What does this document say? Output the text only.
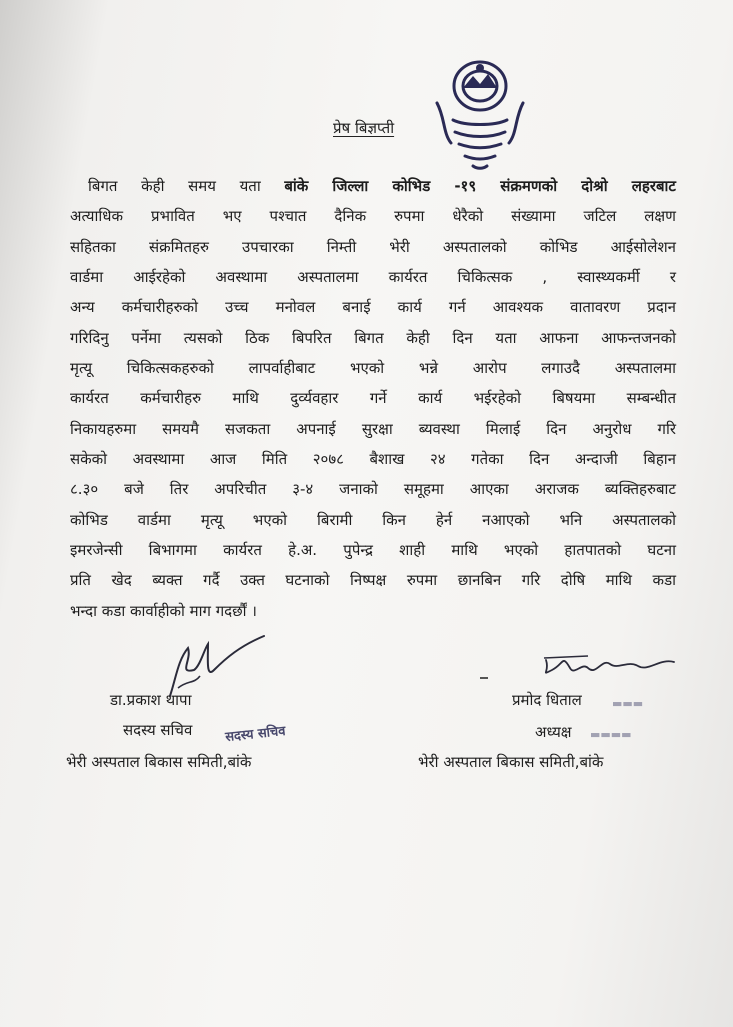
प्रेष बिज्ञप्ती
बिगत केही समय यता बांके जिल्ला कोभिड -१९ संक्रमणको दोश्रो लहरबाट
अत्याधिक प्रभावित भए पश्चात दैनिक रुपमा धेरैको संख्यामा जटिल लक्षण
सहितका संक्रमितहरु उपचारका निम्ती भेरी अस्पतालको कोभिड आईसोलेशन
वार्डमा आईरहेको अवस्थामा अस्पतालमा कार्यरत चिकित्सक , स्वास्थ्यकर्मी र
अन्य कर्मचारीहरुको उच्च मनोवल बनाई कार्य गर्न आवश्यक वातावरण प्रदान
गरिदिनु पर्नेमा त्यसको ठिक बिपरित बिगत केही दिन यता आफना आफन्तजनको
मृत्यू चिकित्सकहरुको लापर्वाहीबाट भएको भन्ने आरोप लगाउदै अस्पतालमा
कार्यरत कर्मचारीहरु माथि दुर्व्यवहार गर्ने कार्य भईरहेको बिषयमा सम्बन्धीत
निकायहरुमा समयमै सजकता अपनाई सुरक्षा ब्यवस्था मिलाई दिन अनुरोध गरि
सकेको अवस्थामा आज मिति २०७८ बैशाख २४ गतेका दिन अन्दाजी बिहान
८.३० बजे तिर अपरिचीत ३-४ जनाको समूहमा आएका अराजक ब्यक्तिहरुबाट
कोभिड वार्डमा मृत्यू भएको बिरामी किन हेर्न नआएको भनि अस्पतालको
इमरजेन्सी बिभागमा कार्यरत हे.अ. पुपेन्द्र शाही माथि भएको हातपातको घटना
प्रति खेद ब्यक्त गर्दै उक्त घटनाको निष्पक्ष रुपमा छानबिन गरि दोषि माथि कडा
भन्दा कडा कार्वाहीको माग गदर्छौं ।
डा.प्रकाश थापा
सदस्य सचिव सदस्य सचिव
भेरी अस्पताल बिकास समिती,बांके
प्रमोद धिताल	▬▬▬
अध्यक्ष ▬▬▬▬
भेरी अस्पताल बिकास समिती,बांके
